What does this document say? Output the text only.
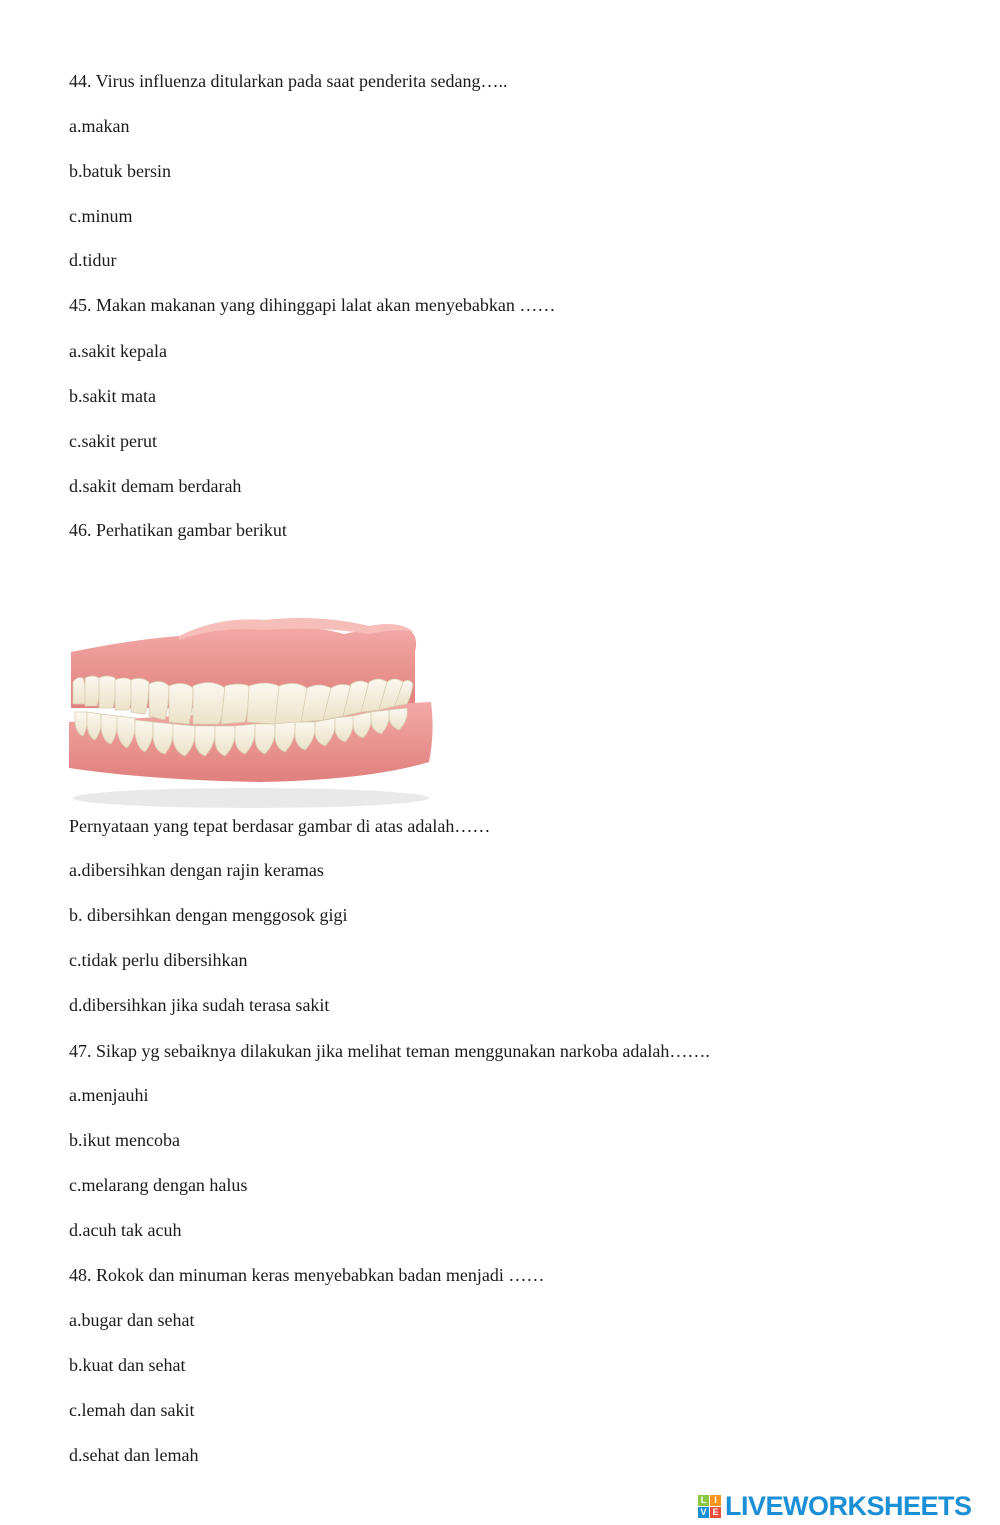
44. Virus influenza ditularkan pada saat penderita sedang…..
a.makan
b.batuk bersin
c.minum
d.tidur
45. Makan makanan yang dihinggapi lalat akan menyebabkan ……
a.sakit kepala
b.sakit mata
c.sakit perut
d.sakit demam berdarah
46. Perhatikan gambar berikut
Pernyataan yang tepat berdasar gambar di atas adalah……
a.dibersihkan dengan rajin keramas
b. dibersihkan dengan menggosok gigi
c.tidak perlu dibersihkan
d.dibersihkan jika sudah terasa sakit
47. Sikap yg sebaiknya dilakukan jika melihat teman menggunakan narkoba adalah…….
a.menjauhi
b.ikut mencoba
c.melarang dengan halus
d.acuh tak acuh
48. Rokok dan minuman keras menyebabkan badan menjadi ……
a.bugar dan sehat
b.kuat dan sehat
c.lemah dan sakit
d.sehat dan lemah
L I
V E LIVEWORKSHEETS
